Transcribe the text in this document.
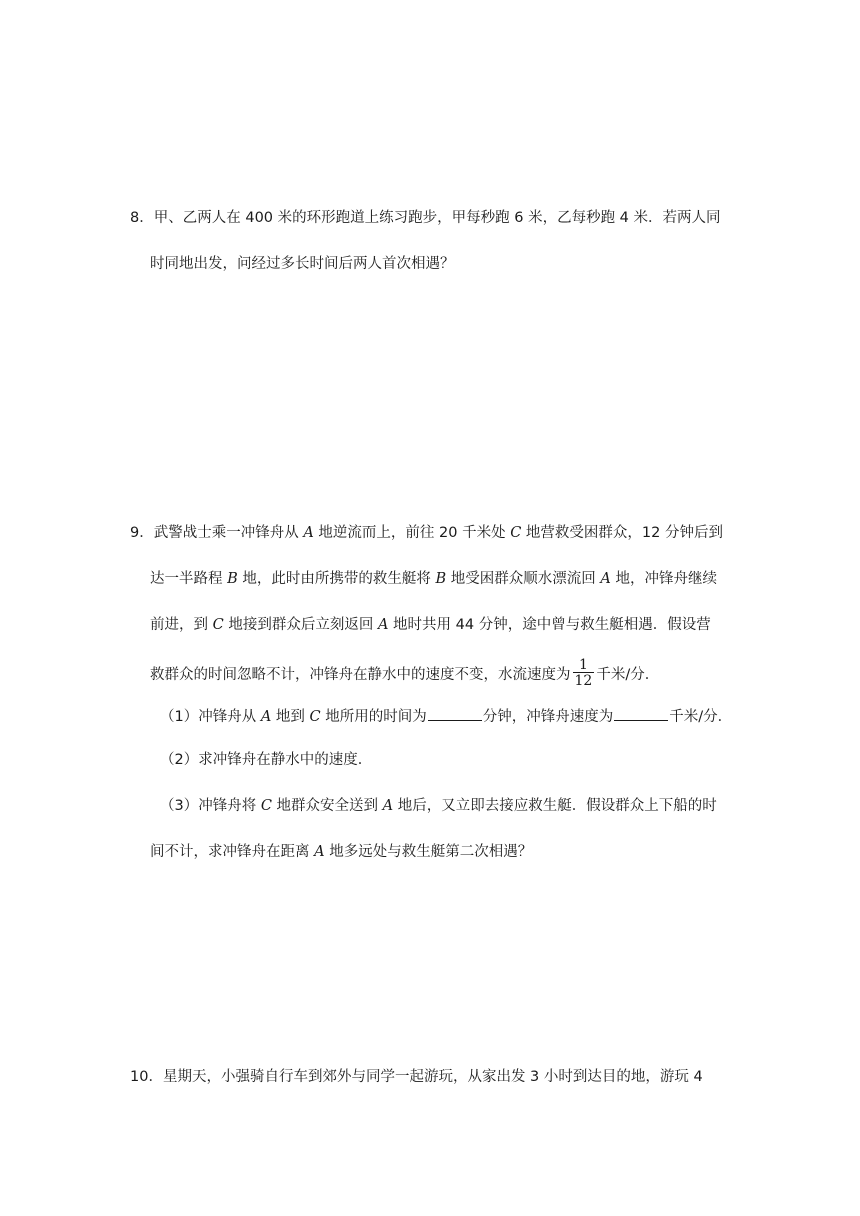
8．甲、乙两人在 400 米的环形跑道上练习跑步，甲每秒跑 6 米，乙每秒跑 4 米．若两人同
时同地出发，问经过多长时间后两人首次相遇？
9．武警战士乘一冲锋舟从 A 地逆流而上，前往 20 千米处 C 地营救受困群众，12 分钟后到
达一半路程 B 地，此时由所携带的救生艇将 B 地受困群众顺水漂流回 A 地，冲锋舟继续
前进，到 C 地接到群众后立刻返回 A 地时共用 44 分钟，途中曾与救生艇相遇．假设营
救群众的时间忽略不计，冲锋舟在静水中的速度不变，水流速度为 $\frac{1}{12}$ 千米/分．
（1）冲锋舟从 A 地到 C 地所用的时间为	分钟，冲锋舟速度为	千米/分．
（2）求冲锋舟在静水中的速度．
（3）冲锋舟将 C 地群众安全送到 A 地后，又立即去接应救生艇．假设群众上下船的时
间不计，求冲锋舟在距离 A 地多远处与救生艇第二次相遇？
10．星期天，小强骑自行车到郊外与同学一起游玩，从家出发 3 小时到达目的地，游玩 4
